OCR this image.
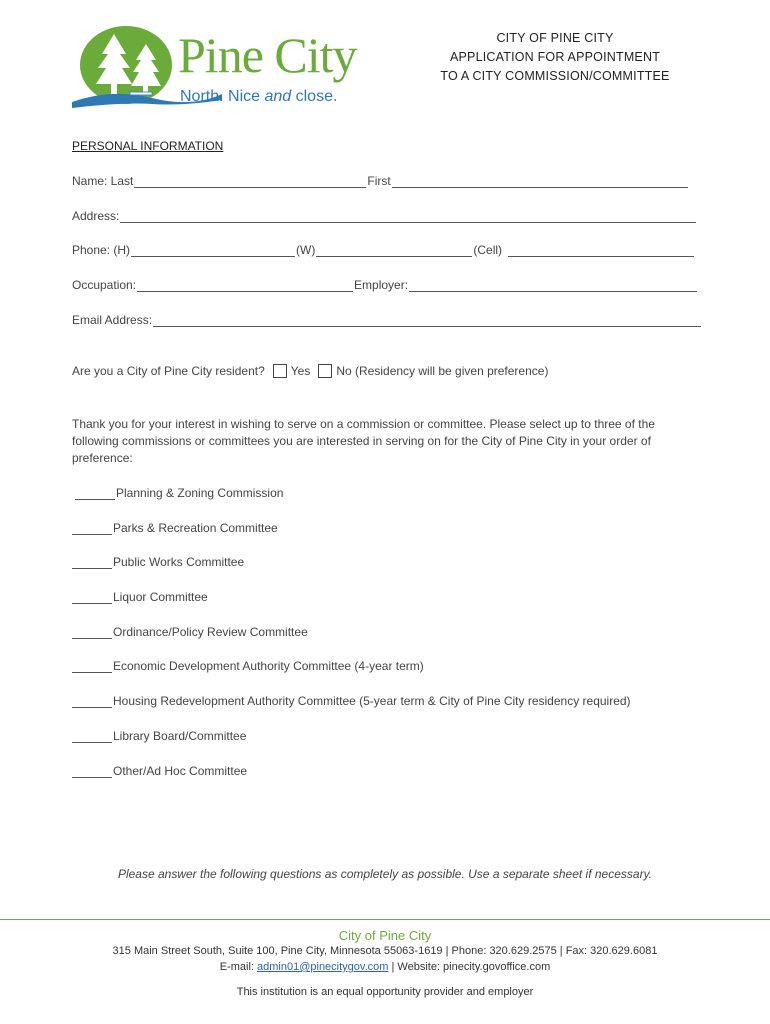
Pine City
North. Nice and close.
CITY OF PINE CITY
APPLICATION FOR APPOINTMENT
TO A CITY COMMISSION/COMMITTEE
PERSONAL INFORMATION
Name: Last	First
Address:
Phone: (H)	(W)	(Cell)
Occupation:	Employer:
Email Address:
Are you a City of Pine City resident? Yes No (Residency will be given preference)
Thank you for your interest in wishing to serve on a commission or committee. Please select up to three of the following commissions or committees you are interested in serving on for the City of Pine City in your order of preference:
Planning & Zoning Commission
Parks & Recreation Committee
Public Works Committee
Liquor Committee
Ordinance/Policy Review Committee
Economic Development Authority Committee (4-year term)
Housing Redevelopment Authority Committee (5-year term & City of Pine City residency required)
Library Board/Committee
Other/Ad Hoc Committee
Please answer the following questions as completely as possible. Use a separate sheet if necessary.
City of Pine City
315 Main Street South, Suite 100, Pine City, Minnesota 55063-1619 | Phone: 320.629.2575 | Fax: 320.629.6081
E-mail: admin01@pinecitygov.com | Website: pinecity.govoffice.com
This institution is an equal opportunity provider and employer
